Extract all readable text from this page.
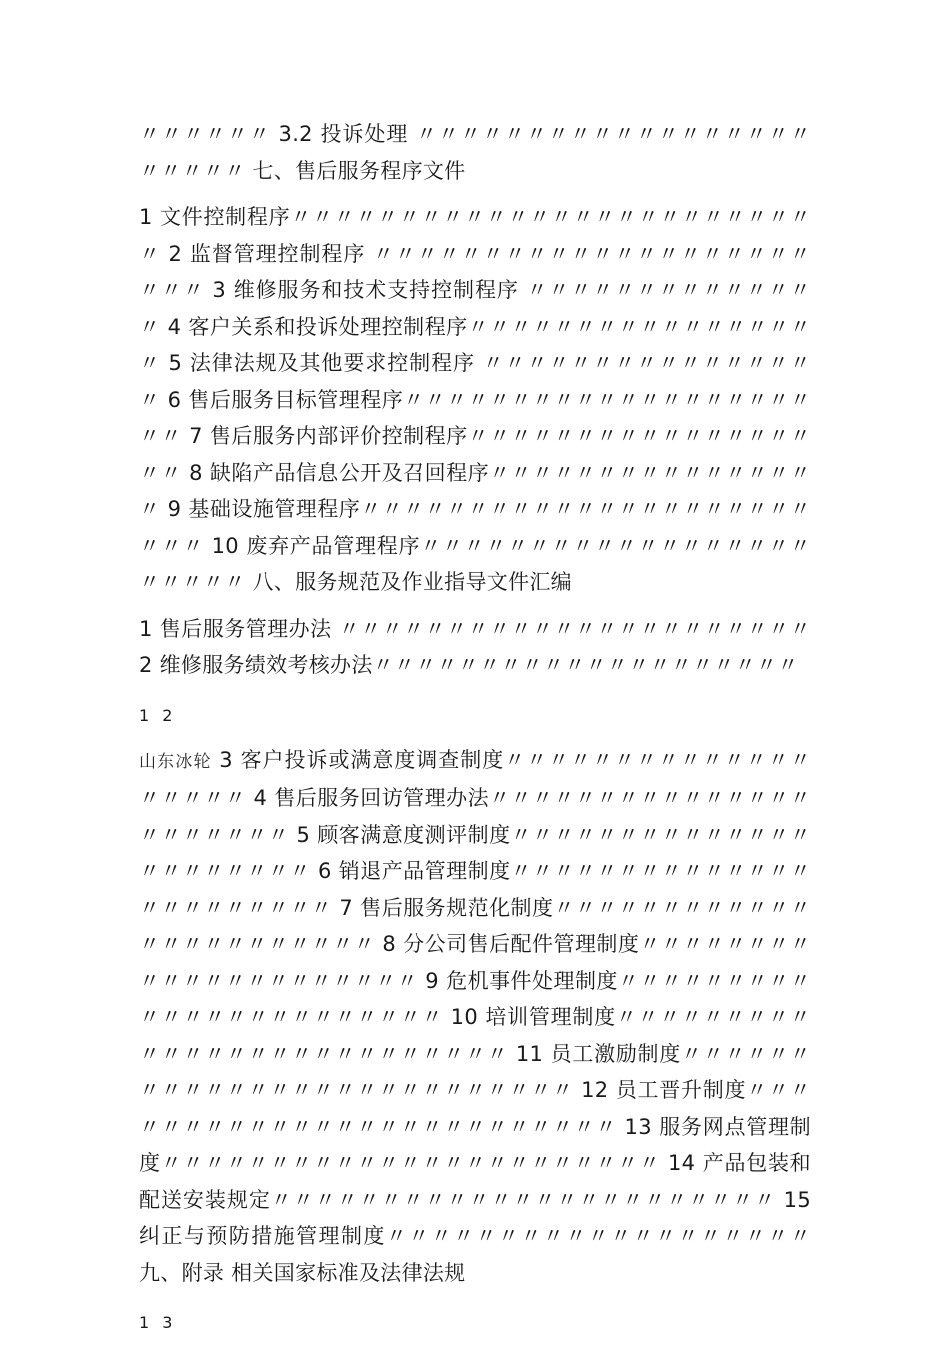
〃〃〃〃〃〃 3.2 投诉处理 〃〃〃〃〃〃〃〃〃〃〃〃〃〃〃〃〃〃〃〃〃〃〃 七、售后服务程序文件

1 文件控制程序〃〃〃〃〃〃〃〃〃〃〃〃〃〃〃〃〃〃〃〃〃〃〃〃〃 2 监督管理控制程序 〃〃〃〃〃〃〃〃〃〃〃〃〃〃〃〃〃〃〃〃〃〃〃 3 维修服务和技术支持控制程序 〃〃〃〃〃〃〃〃〃〃〃〃〃〃 4 客户关系和投诉处理控制程序〃〃〃〃〃〃〃〃〃〃〃〃〃〃〃〃〃 5 法律法规及其他要求控制程序 〃〃〃〃〃〃〃〃〃〃〃〃〃〃〃〃 6 售后服务目标管理程序〃〃〃〃〃〃〃〃〃〃〃〃〃〃〃〃〃〃〃〃〃 7 售后服务内部评价控制程序〃〃〃〃〃〃〃〃〃〃〃〃〃〃〃〃〃〃 8 缺陷产品信息公开及召回程序〃〃〃〃〃〃〃〃〃〃〃〃〃〃〃〃 9 基础设施管理程序〃〃〃〃〃〃〃〃〃〃〃〃〃〃〃〃〃〃〃〃〃〃〃〃 10 废弃产品管理程序〃〃〃〃〃〃〃〃〃〃〃〃〃〃〃〃〃〃〃〃〃〃〃 八、服务规范及作业指导文件汇编

1 售后服务管理办法 〃〃〃〃〃〃〃〃〃〃〃〃〃〃〃〃〃〃〃〃〃〃 2 维修服务绩效考核办法〃〃〃〃〃〃〃〃〃〃〃〃〃〃〃〃〃〃〃〃

1 2

山东冰轮 3 客户投诉或满意度调查制度〃〃〃〃〃〃〃〃〃〃〃〃〃〃〃〃〃〃〃 4 售后服务回访管理办法〃〃〃〃〃〃〃〃〃〃〃〃〃〃〃〃〃〃〃〃〃〃 5 顾客满意度测评制度〃〃〃〃〃〃〃〃〃〃〃〃〃〃〃〃〃〃〃〃〃〃 6 销退产品管理制度〃〃〃〃〃〃〃〃〃〃〃〃〃〃〃〃〃〃〃〃〃〃〃 7 售后服务规范化制度〃〃〃〃〃〃〃〃〃〃〃〃〃〃〃〃〃〃〃〃〃〃〃 8 分公司售后配件管理制度〃〃〃〃〃〃〃〃〃〃〃〃〃〃〃〃〃〃〃〃〃 9 危机事件处理制度〃〃〃〃〃〃〃〃〃〃〃〃〃〃〃〃〃〃〃〃〃〃〃 10 培训管理制度〃〃〃〃〃〃〃〃〃〃〃〃〃〃〃〃〃〃〃〃〃〃〃〃〃〃 11 员工激励制度〃〃〃〃〃〃〃〃〃〃〃〃〃〃〃〃〃〃〃〃〃〃〃〃〃〃 12 员工晋升制度〃〃〃〃〃〃〃〃〃〃〃〃〃〃〃〃〃〃〃〃〃〃〃〃〃 13 服务网点管理制度〃〃〃〃〃〃〃〃〃〃〃〃〃〃〃〃〃〃〃〃〃〃〃 14 产品包装和配送安装规定〃〃〃〃〃〃〃〃〃〃〃〃〃〃〃〃〃〃〃〃〃〃〃 15 纠正与预防措施管理制度〃〃〃〃〃〃〃〃〃〃〃〃〃〃〃〃〃〃〃 九、附录 相关国家标准及法律法规

1 3
